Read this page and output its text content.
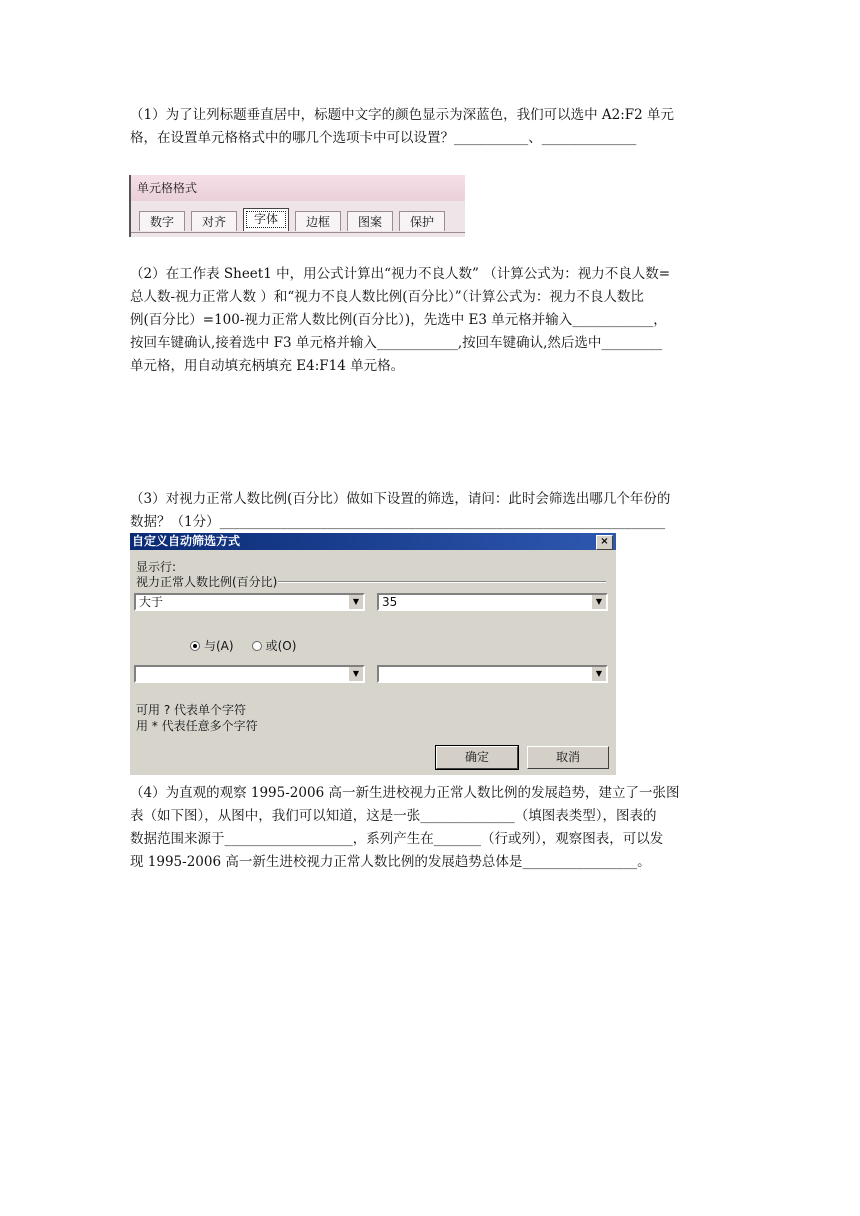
（1）为了让列标题垂直居中，标题中文字的颜色显示为深蓝色，我们可以选中 A2:F2 单元
格，在设置单元格格式中的哪几个选项卡中可以设置？___________、______________
单元格格式
数字	对齐	字体	边框	图案	保护
（2）在工作表 Sheet1 中，用公式计算出“视力不良人数” （计算公式为：视力不良人数=
总人数-视力正常人数 ）和“视力不良人数比例(百分比）”（计算公式为：视力不良人数比
例(百分比）=100-视力正常人数比例(百分比）)，先选中 E3 单元格并输入____________，
按回车键确认,接着选中 F3 单元格并输入____________,按回车键确认,然后选中_________
单元格，用自动填充柄填充 E4:F14 单元格。
（3）对视力正常人数比例(百分比）做如下设置的筛选，请问：此时会筛选出哪几个年份的
数据？（1分）__________________________________________________________________
自定义自动筛选方式	×
显示行:
视力正常人数比例(百分比)
大于	▼	35	▼
与(A)	或(O)
▼	▼
可用 ? 代表单个字符
用 * 代表任意多个字符
确定	取消
（4）为直观的观察 1995-2006 高一新生进校视力正常人数比例的发展趋势，建立了一张图
表（如下图），从图中，我们可以知道，这是一张______________（填图表类型），图表的
数据范围来源于___________________，系列产生在_______（行或列），观察图表，可以发
现 1995-2006 高一新生进校视力正常人数比例的发展趋势总体是_________________。
